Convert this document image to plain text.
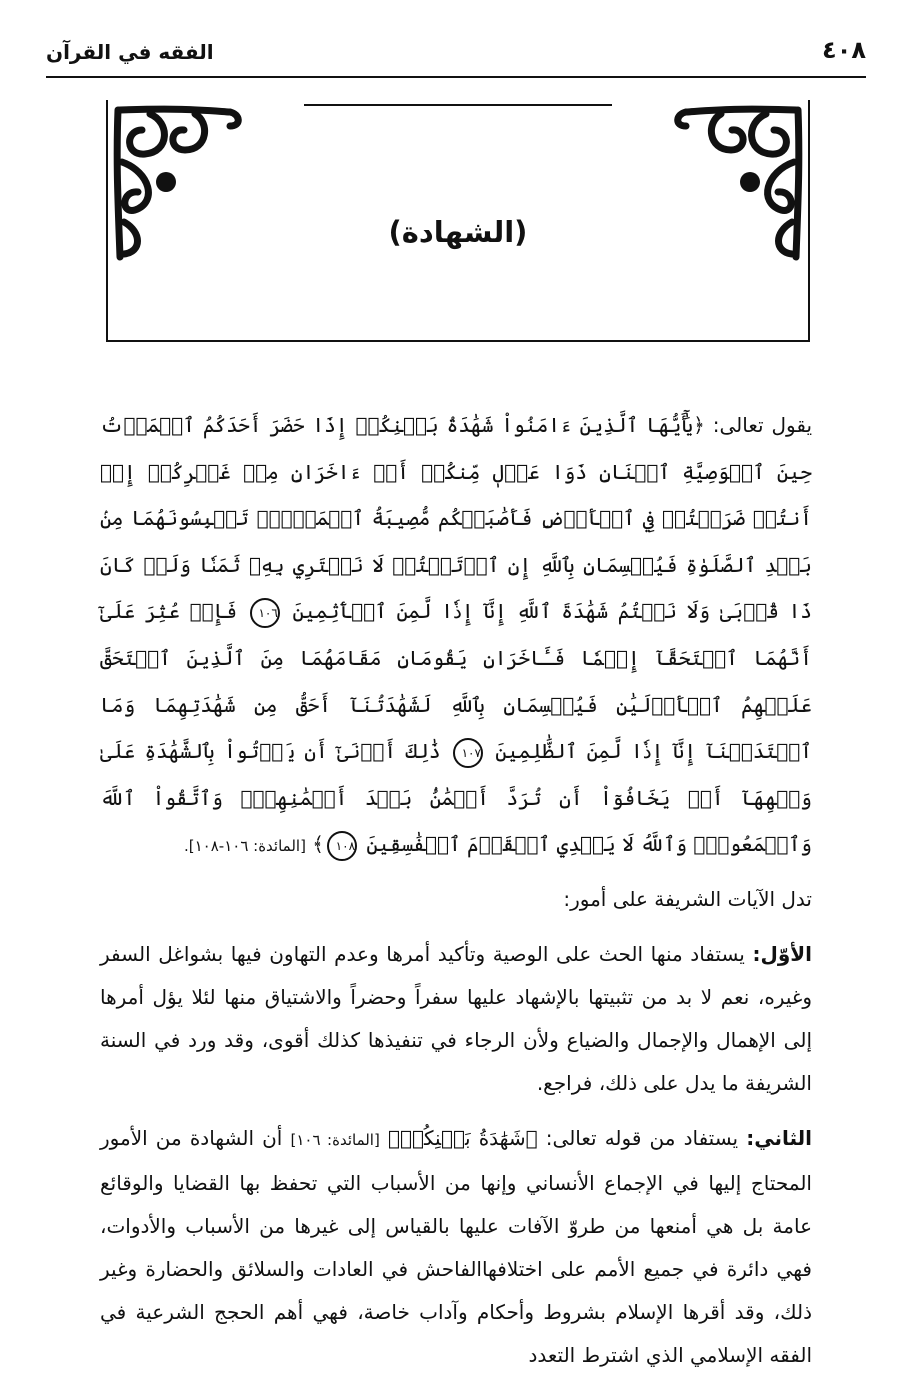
٤٠٨
الفقه في القرآن
(الشهادة)

يقول تعالى: ﴿يَٰٓأَيُّهَا ٱلَّذِينَ ءَامَنُواْ شَهَٰدَةُ بَيۡنِكُمۡ إِذَا حَضَرَ أَحَدَكُمُ ٱلۡمَوۡتُ حِينَ ٱلۡوَصِيَّةِ ٱثۡنَانِ ذَوَا عَدۡلٖ مِّنكُمۡ أَوۡ ءَاخَرَانِ مِنۡ غَيۡرِكُمۡ إِنۡ أَنتُمۡ ضَرَبۡتُمۡ فِي ٱلۡأَرۡضِ فَأَصَٰبَتۡكُم مُّصِيبَةُ ٱلۡمَوۡتِۚ تَحۡبِسُونَهُمَا مِنۢ بَعۡدِ ٱلصَّلَوٰةِ فَيُقۡسِمَانِ بِٱللَّهِ إِنِ ٱرۡتَبۡتُمۡ لَا نَشۡتَرِي بِهِۦ ثَمَنٗا وَلَوۡ كَانَ ذَا قُرۡبَىٰ وَلَا نَكۡتُمُ شَهَٰدَةَ ٱللَّهِ إِنَّآ إِذٗا لَّمِنَ ٱلۡأٓثِمِينَ ١٠٦ فَإِنۡ عُثِرَ عَلَىٰٓ أَنَّهُمَا ٱسۡتَحَقَّآ إِثۡمٗا فَـَٔاخَرَانِ يَقُومَانِ مَقَامَهُمَا مِنَ ٱلَّذِينَ ٱسۡتَحَقَّ عَلَيۡهِمُ ٱلۡأَوۡلَيَٰنِ فَيُقۡسِمَانِ بِٱللَّهِ لَشَهَٰدَتُنَآ أَحَقُّ مِن شَهَٰدَتِهِمَا وَمَا ٱعۡتَدَيۡنَآ إِنَّآ إِذٗا لَّمِنَ ٱلظَّٰلِمِينَ ١٠٧ ذَٰلِكَ أَدۡنَىٰٓ أَن يَأۡتُواْ بِٱلشَّهَٰدَةِ عَلَىٰ وَجۡهِهَآ أَوۡ يَخَافُوٓاْ أَن تُرَدَّ أَيۡمَٰنُۢ بَعۡدَ أَيۡمَٰنِهِمۡۗ وَٱتَّقُواْ ٱللَّهَ وَٱسۡمَعُواْۗ وَٱللَّهُ لَا يَهۡدِي ٱلۡقَوۡمَ ٱلۡفَٰسِقِينَ ١٠٨﴾ [المائدة: ١٠٦-١٠٨].

تدل الآيات الشريفة على أمور:

الأوّل: يستفاد منها الحث على الوصية وتأكيد أمرها وعدم التهاون فيها بشواغل السفر وغيره، نعم لا بد من تثبيتها بالإشهاد عليها سفراً وحضراً والاشتياق منها لئلا يؤل أمرها إلى الإهمال والإجمال والضياع ولأن الرجاء في تنفيذها كذلك أقوى، وقد ورد في السنة الشريفة ما يدل على ذلك، فراجع.

الثاني: يستفاد من قوله تعالى: ﴿شَهَٰدَةُ بَيۡنِكُمۡ﴾ [المائدة: ١٠٦] أن الشهادة من الأمور المحتاج إليها في الإجماع الأنساني وإنها من الأسباب التي تحفظ بها القضايا والوقائع عامة بل هي أمنعها من طروّ الآفات عليها بالقياس إلى غيرها من الأسباب والأدوات، فهي دائرة في جميع الأمم على اختلافهاالفاحش في العادات والسلائق والحضارة وغير ذلك، وقد أقرها الإسلام بشروط وأحكام وآداب خاصة، فهي أهم الحجج الشرعية في الفقه الإسلامي الذي اشترط التعدد
